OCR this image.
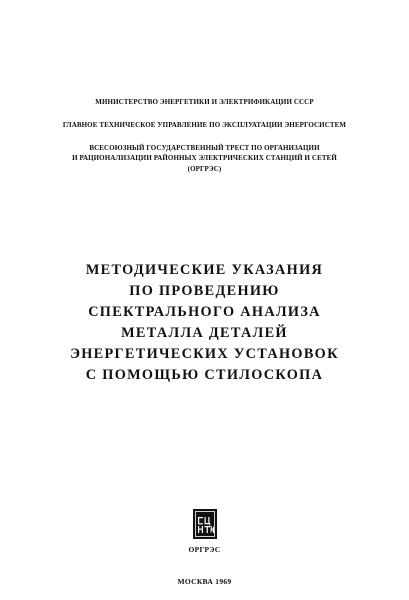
МИНИСТЕРСТВО ЭНЕРГЕТИКИ И ЭЛЕКТРИФИКАЦИИ СССР
ГЛАВНОЕ ТЕХНИЧЕСКОЕ УПРАВЛЕНИЕ ПО ЭКСПЛУАТАЦИИ ЭНЕРГОСИСТЕМ
ВСЕСОЮЗНЫЙ ГОСУДАРСТВЕННЫЙ ТРЕСТ ПО ОРГАНИЗАЦИИ
И РАЦИОНАЛИЗАЦИИ РАЙОННЫХ ЭЛЕКТРИЧЕСКИХ СТАНЦИЙ И СЕТЕЙ
(ОРГРЭС)
МЕТОДИЧЕСКИЕ УКАЗАНИЯ
ПО ПРОВЕДЕНИЮ
СПЕКТРАЛЬНОГО АНАЛИЗА
МЕТАЛЛА ДЕТАЛЕЙ
ЭНЕРГЕТИЧЕСКИХ УСТАНОВОК
С ПОМОЩЬЮ СТИЛОСКОПА
ОРГРЭС
МОСКВА 1969
